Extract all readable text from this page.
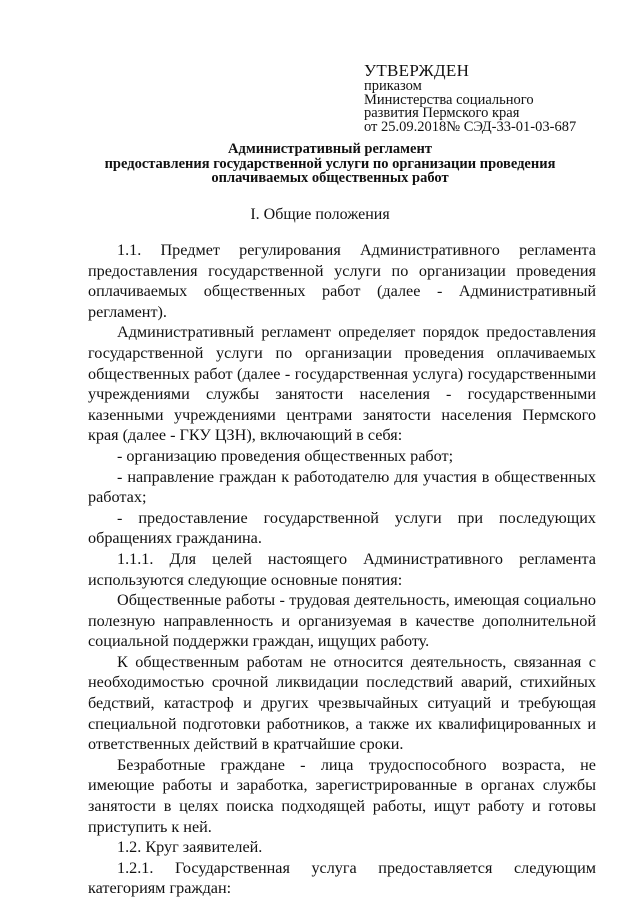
УТВЕРЖДЕН
приказом
Министерства социального
развития Пермского края
от 25.09.2018№ СЭД-33-01-03-687
Административный регламент
предоставления государственной услуги по организации проведения
оплачиваемых общественных работ
I. Общие положения

1.1. Предмет регулирования Административного регламента предоставления государственной услуги по организации проведения оплачиваемых общественных работ (далее - Административный регламент).

Административный регламент определяет порядок предоставления государственной услуги по организации проведения оплачиваемых общественных работ (далее - государственная услуга) государственными учреждениями службы занятости населения - государственными казенными учреждениями центрами занятости населения Пермского края (далее - ГКУ ЦЗН), включающий в себя:

- организацию проведения общественных работ;

- направление граждан к работодателю для участия в общественных работах;

- предоставление государственной услуги при последующих обращениях гражданина.

1.1.1. Для целей настоящего Административного регламента используются следующие основные понятия:

Общественные работы - трудовая деятельность, имеющая социально полезную направленность и организуемая в качестве дополнительной социальной поддержки граждан, ищущих работу.

К общественным работам не относится деятельность, связанная с необходимостью срочной ликвидации последствий аварий, стихийных бедствий, катастроф и других чрезвычайных ситуаций и требующая специальной подготовки работников, а также их квалифицированных и ответственных действий в кратчайшие сроки.

Безработные граждане - лица трудоспособного возраста, не имеющие работы и заработка, зарегистрированные в органах службы занятости в целях поиска подходящей работы, ищут работу и готовы приступить к ней.

1.2. Круг заявителей.

1.2.1. Государственная услуга предоставляется следующим категориям граждан:
